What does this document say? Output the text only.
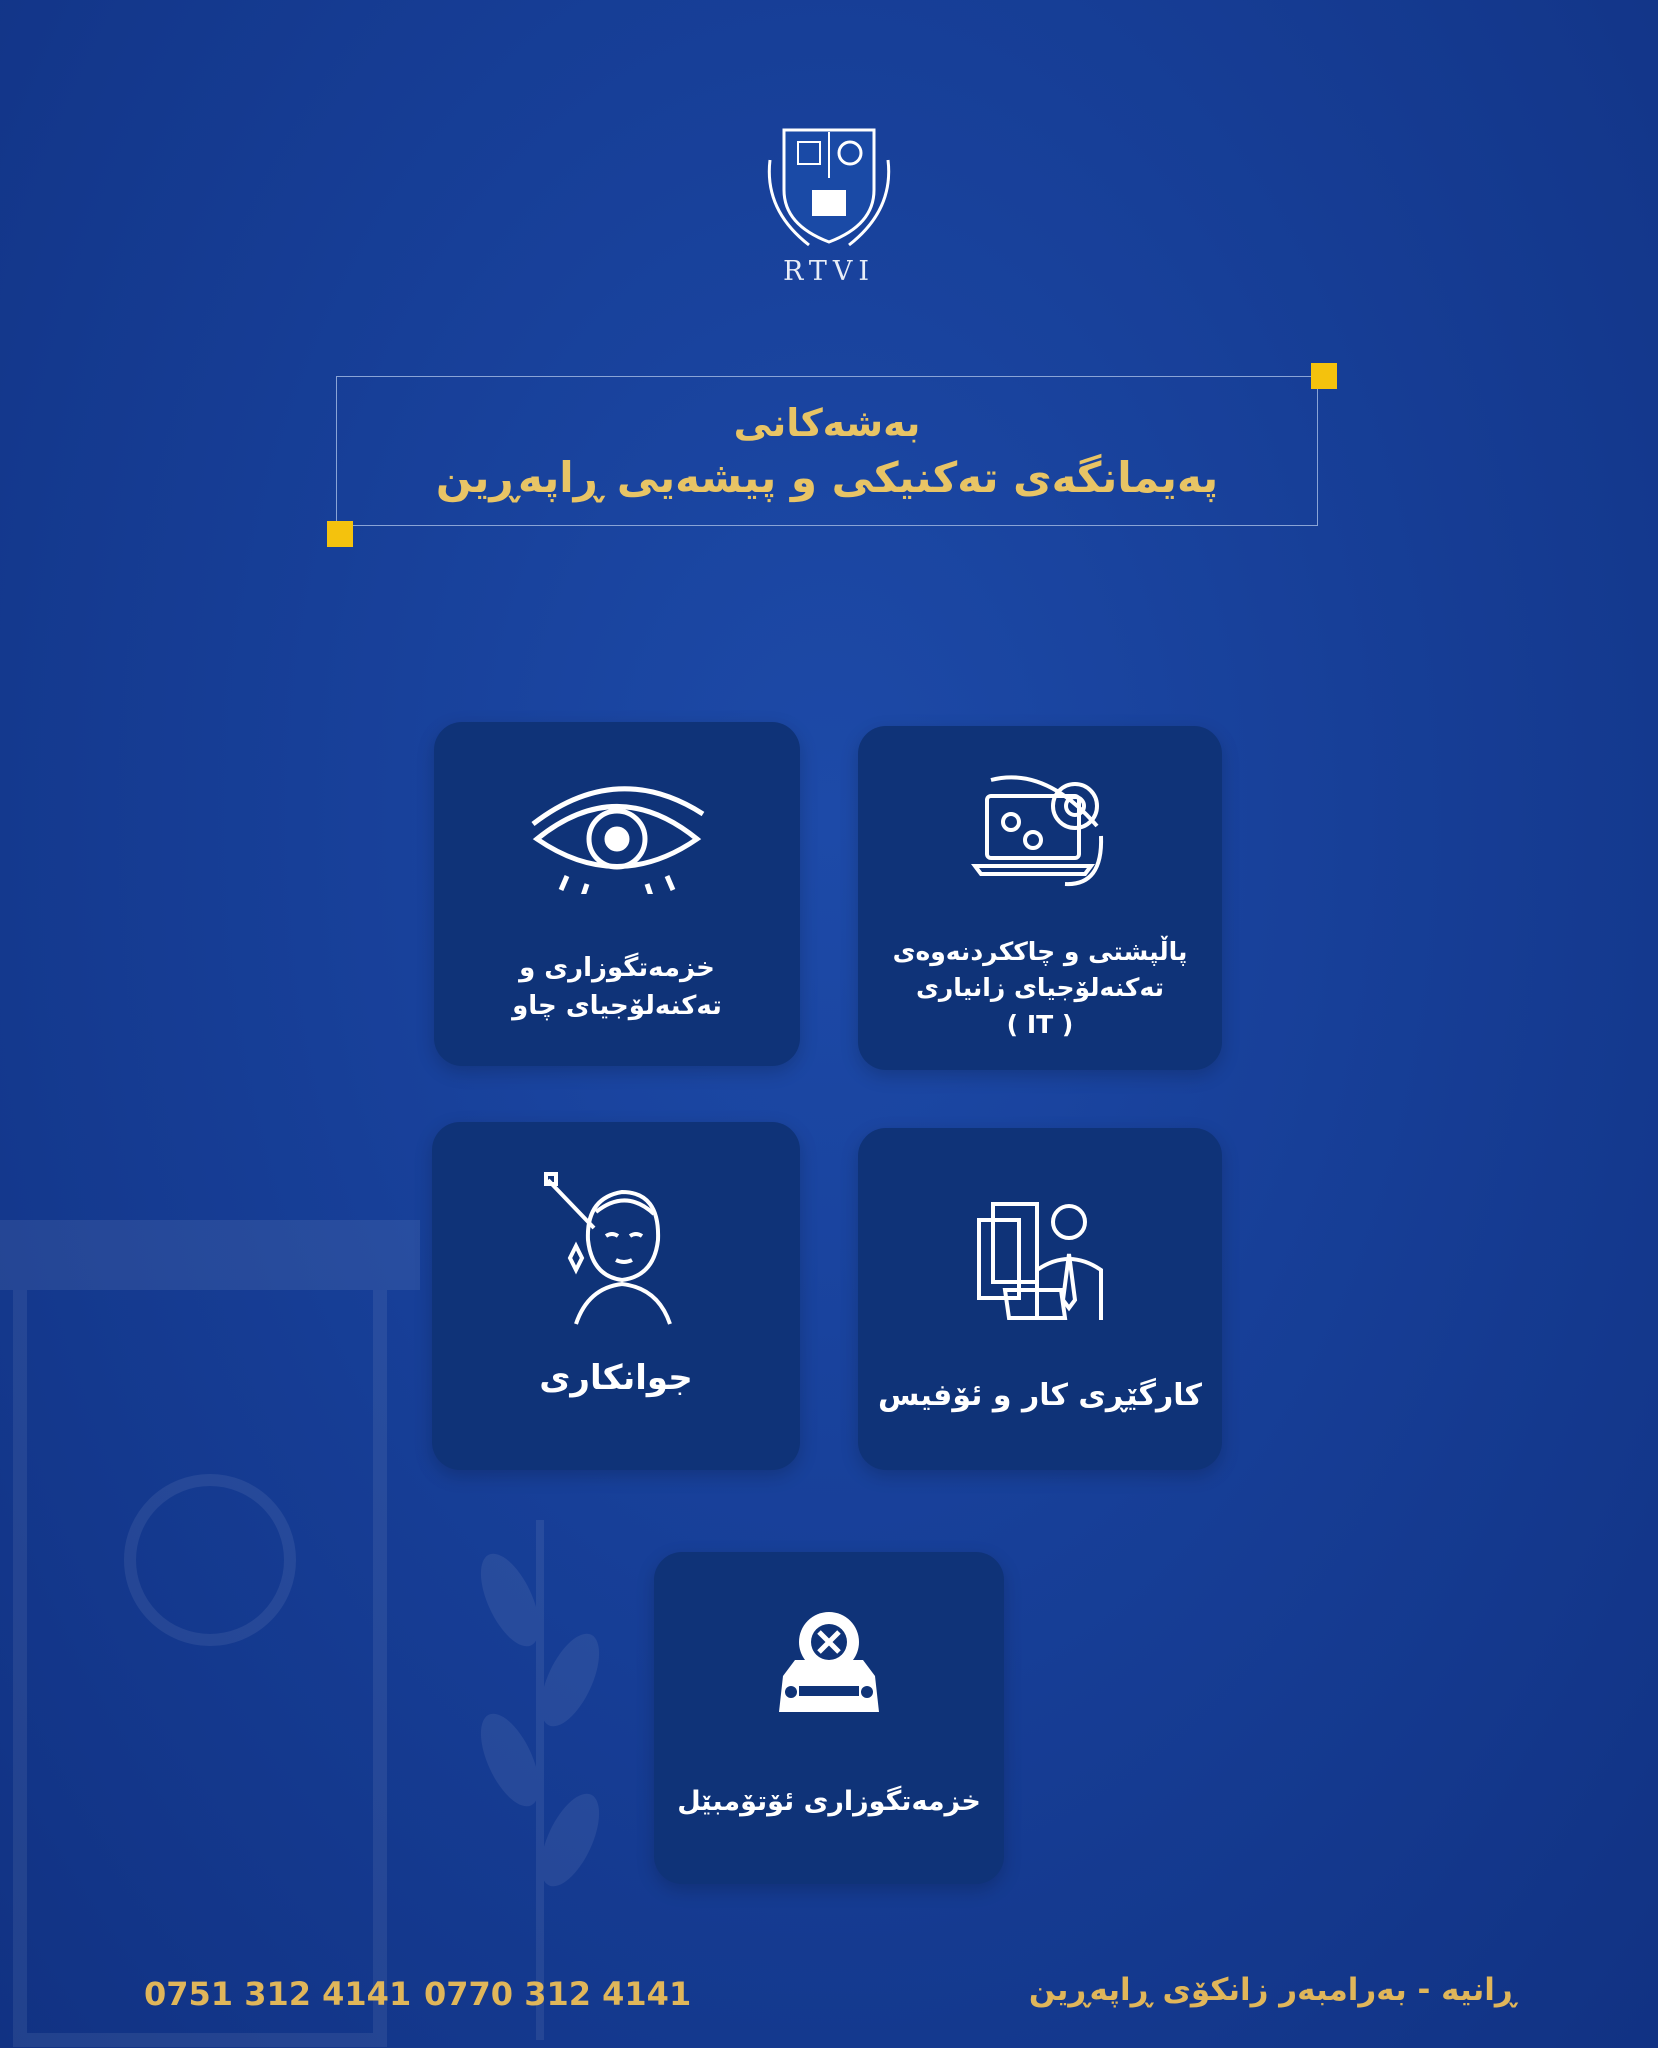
RTVI
بەشەکانی
پەیمانگەی تەکنیکی و پیشەیی ڕاپەڕین
پاڵپشتی و چاککردنەوەی
تەکنەلۆجیای زانیاری
( IT )
خزمەتگوزاری و
تەکنەلۆجیای چاو
کارگێڕی کار و ئۆفیس
جوانکاری
خزمەتگوزاری ئۆتۆمبێل
0751 312 4141 0770 312 4141	ڕانیە - بەرامبەر زانکۆی ڕاپەڕین
